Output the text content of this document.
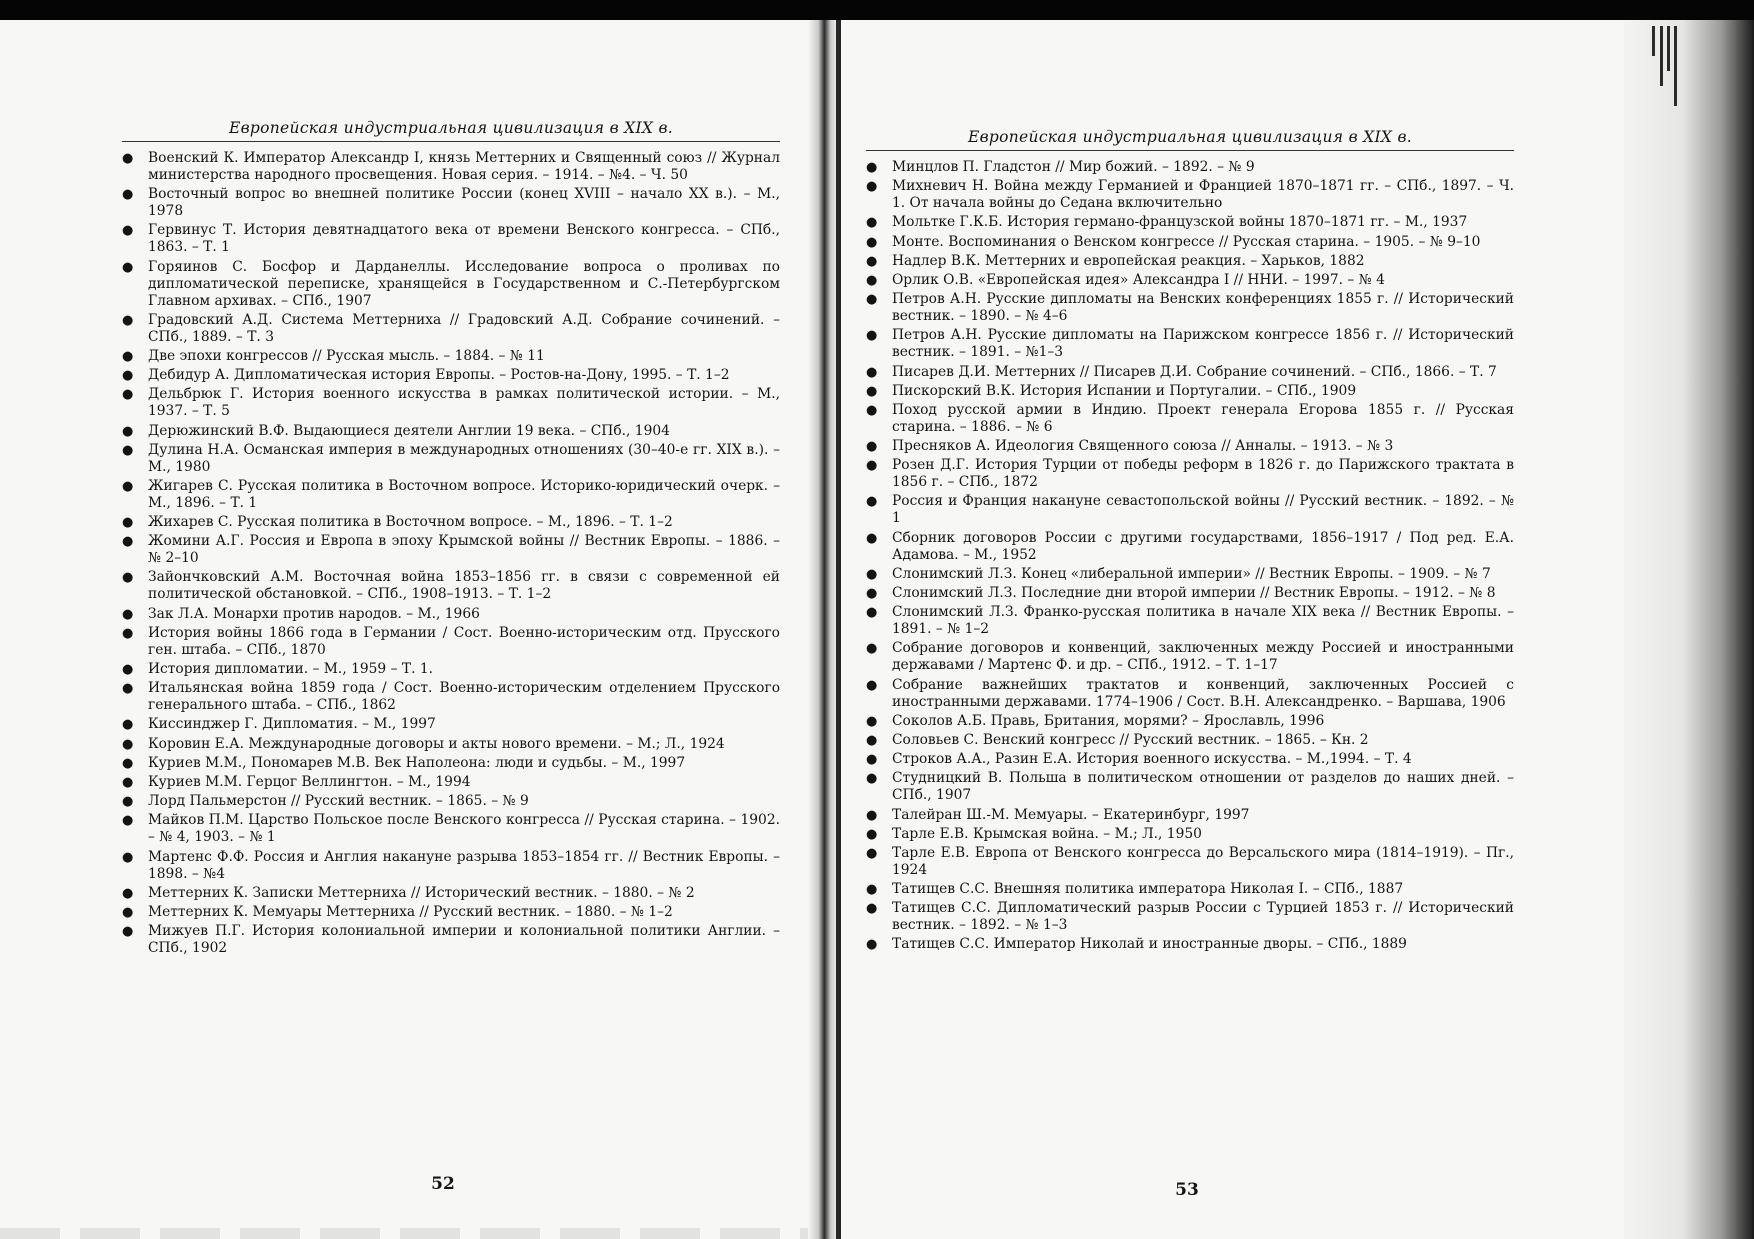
Европейская индустриальная цивилизация в XIX в.
● Военский К. Император Александр I, князь Меттерних и Священный союз // Журнал министерства народного просвещения. Новая серия. – 1914. – №4. – Ч. 50
● Восточный вопрос во внешней политике России (конец XVIII – начало XX в.). – М., 1978
● Гервинус Т. История девятнадцатого века от времени Венского конгресса. – СПб., 1863. – Т. 1
● Горяинов С. Босфор и Дарданеллы. Исследование вопроса о проливах по дипломатической переписке, хранящейся в Государственном и С.-Петербургском Главном архивах. – СПб., 1907
● Градовский А.Д. Система Меттерниха // Градовский А.Д. Собрание сочинений. – СПб., 1889. – Т. 3
● Две эпохи конгрессов // Русская мысль. – 1884. – № 11
● Дебидур А. Дипломатическая история Европы. – Ростов-на-Дону, 1995. – Т. 1–2
● Дельбрюк Г. История военного искусства в рамках политической истории. – М., 1937. – Т. 5
● Дерюжинский В.Ф. Выдающиеся деятели Англии 19 века. – СПб., 1904
● Дулина Н.А. Османская империя в международных отношениях (30–40-е гг. XIX в.). – М., 1980
● Жигарев С. Русская политика в Восточном вопросе. Историко-юридический очерк. – М., 1896. – Т. 1
● Жихарев С. Русская политика в Восточном вопросе. – М., 1896. – Т. 1–2
● Жомини А.Г. Россия и Европа в эпоху Крымской войны // Вестник Европы. – 1886. – № 2–10
● Зайончковский А.М. Восточная война 1853–1856 гг. в связи с современной ей политической обстановкой. – СПб., 1908–1913. – Т. 1–2
● Зак Л.А. Монархи против народов. – М., 1966
● История войны 1866 года в Германии / Сост. Военно-историческим отд. Прусского ген. штаба. – СПб., 1870
● История дипломатии. – М., 1959 – Т. 1.
● Итальянская война 1859 года / Сост. Военно-историческим отделением Прусского генерального штаба. – СПб., 1862
● Киссинджер Г. Дипломатия. – М., 1997
● Коровин Е.А. Международные договоры и акты нового времени. – М.; Л., 1924
● Куриев М.М., Пономарев М.В. Век Наполеона: люди и судьбы. – М., 1997
● Куриев М.М. Герцог Веллингтон. – М., 1994
● Лорд Пальмерстон // Русский вестник. – 1865. – № 9
● Майков П.М. Царство Польское после Венского конгресса // Русская старина. – 1902. – № 4, 1903. – № 1
● Мартенс Ф.Ф. Россия и Англия накануне разрыва 1853–1854 гг. // Вестник Европы. – 1898. – №4
● Меттерних К. Записки Меттерниха // Исторический вестник. – 1880. – № 2
● Меттерних К. Мемуары Меттерниха // Русский вестник. – 1880. – № 1–2
● Мижуев П.Г. История колониальной империи и колониальной политики Англии. – СПб., 1902
52
Европейская индустриальная цивилизация в XIX в.
● Минцлов П. Гладстон // Мир божий. – 1892. – № 9
● Михневич Н. Война между Германией и Францией 1870–1871 гг. – СПб., 1897. – Ч. 1. От начала войны до Седана включительно
● Мольтке Г.К.Б. История германо-французской войны 1870–1871 гг. – М., 1937
● Монте. Воспоминания о Венском конгрессе // Русская старина. – 1905. – № 9–10
● Надлер В.К. Меттерних и европейская реакция. – Харьков, 1882
● Орлик О.В. «Европейская идея» Александра I // ННИ. – 1997. – № 4
● Петров А.Н. Русские дипломаты на Венских конференциях 1855 г. // Исторический вестник. – 1890. – № 4–6
● Петров А.Н. Русские дипломаты на Парижском конгрессе 1856 г. // Исторический вестник. – 1891. – №1–3
● Писарев Д.И. Меттерних // Писарев Д.И. Собрание сочинений. – СПб., 1866. – Т. 7
● Пискорский В.К. История Испании и Португалии. – СПб., 1909
● Поход русской армии в Индию. Проект генерала Егорова 1855 г. // Русская старина. – 1886. – № 6
● Пресняков А. Идеология Священного союза // Анналы. – 1913. – № 3
● Розен Д.Г. История Турции от победы реформ в 1826 г. до Парижского трактата в 1856 г. – СПб., 1872
● Россия и Франция накануне севастопольской войны // Русский вестник. – 1892. – № 1
● Сборник договоров России с другими государствами, 1856–1917 / Под ред. Е.А. Адамова. – М., 1952
● Слонимский Л.З. Конец «либеральной империи» // Вестник Европы. – 1909. – № 7
● Слонимский Л.З. Последние дни второй империи // Вестник Европы. – 1912. – № 8
● Слонимский Л.З. Франко-русская политика в начале XIX века // Вестник Европы. – 1891. – № 1–2
● Собрание договоров и конвенций, заключенных между Россией и иностранными державами / Мартенс Ф. и др. – СПб., 1912. – Т. 1–17
● Собрание важнейших трактатов и конвенций, заключенных Россией с иностранными державами. 1774–1906 / Сост. В.Н. Александренко. – Варшава, 1906
● Соколов А.Б. Правь, Британия, морями? – Ярославль, 1996
● Соловьев С. Венский конгресс // Русский вестник. – 1865. – Кн. 2
● Строков А.А., Разин Е.А. История военного искусства. – М.,1994. – Т. 4
● Студницкий В. Польша в политическом отношении от разделов до наших дней. – СПб., 1907
● Талейран Ш.-М. Мемуары. – Екатеринбург, 1997
● Тарле Е.В. Крымская война. – М.; Л., 1950
● Тарле Е.В. Европа от Венского конгресса до Версальского мира (1814–1919). – Пг., 1924
● Татищев С.С. Внешняя политика императора Николая I. – СПб., 1887
● Татищев С.С. Дипломатический разрыв России с Турцией 1853 г. // Исторический вестник. – 1892. – № 1–3
● Татищев С.С. Император Николай и иностранные дворы. – СПб., 1889
53
